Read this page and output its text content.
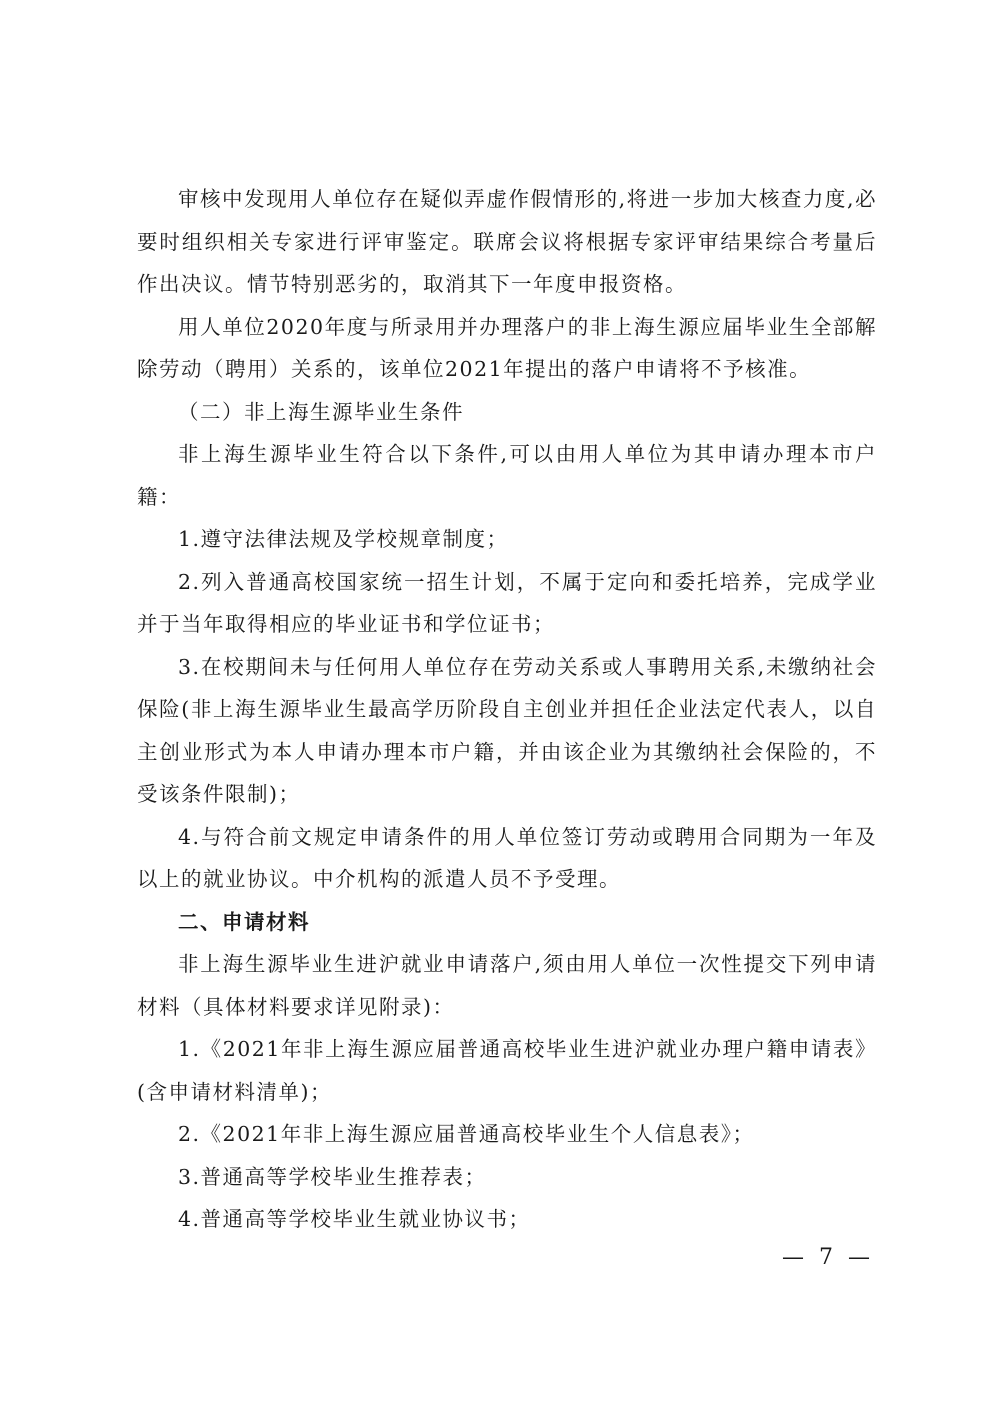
审核中发现用人单位存在疑似弄虚作假情形的,将进一步加大核查力度,必要时组织相关专家进行评审鉴定。联席会议将根据专家评审结果综合考量后作出决议。情节特别恶劣的，取消其下一年度申报资格。

用人单位2020年度与所录用并办理落户的非上海生源应届毕业生全部解除劳动（聘用）关系的，该单位2021年提出的落户申请将不予核准。

（二）非上海生源毕业生条件

非上海生源毕业生符合以下条件,可以由用人单位为其申请办理本市户籍：

1.遵守法律法规及学校规章制度；

2.列入普通高校国家统一招生计划，不属于定向和委托培养，完成学业并于当年取得相应的毕业证书和学位证书；

3.在校期间未与任何用人单位存在劳动关系或人事聘用关系,未缴纳社会保险(非上海生源毕业生最高学历阶段自主创业并担任企业法定代表人，以自主创业形式为本人申请办理本市户籍，并由该企业为其缴纳社会保险的，不受该条件限制)；

4.与符合前文规定申请条件的用人单位签订劳动或聘用合同期为一年及以上的就业协议。中介机构的派遣人员不予受理。

二、申请材料

非上海生源毕业生进沪就业申请落户,须由用人单位一次性提交下列申请材料（具体材料要求详见附录)：

1.《2021年非上海生源应届普通高校毕业生进沪就业办理户籍申请表》(含申请材料清单)；

2.《2021年非上海生源应届普通高校毕业生个人信息表》；

3.普通高等学校毕业生推荐表；

4.普通高等学校毕业生就业协议书；

— 7 —
